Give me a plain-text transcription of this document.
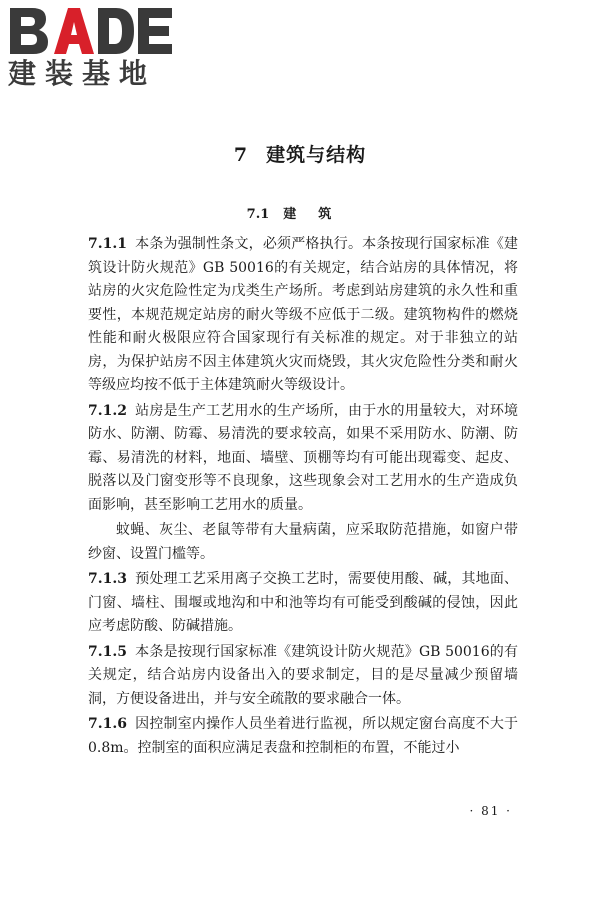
建装基地
7 建筑与结构
7.1 建筑

7.1.1 本条为强制性条文，必须严格执行。本条按现行国家标准《建筑设计防火规范》GB 50016的有关规定，结合站房的具体情况，将站房的火灾危险性定为戊类生产场所。考虑到站房建筑的永久性和重要性，本规范规定站房的耐火等级不应低于二级。建筑物构件的燃烧性能和耐火极限应符合国家现行有关标准的规定。对于非独立的站房，为保护站房不因主体建筑火灾而烧毁，其火灾危险性分类和耐火等级应均按不低于主体建筑耐火等级设计。

7.1.2 站房是生产工艺用水的生产场所，由于水的用量较大，对环境防水、防潮、防霉、易清洗的要求较高，如果不采用防水、防潮、防霉、易清洗的材料，地面、墙壁、顶棚等均有可能出现霉变、起皮、脱落以及门窗变形等不良现象，这些现象会对工艺用水的生产造成负面影响，甚至影响工艺用水的质量。

蚊蝇、灰尘、老鼠等带有大量病菌，应采取防范措施，如窗户带纱窗、设置门槛等。

7.1.3 预处理工艺采用离子交换工艺时，需要使用酸、碱，其地面、门窗、墙柱、围堰或地沟和中和池等均有可能受到酸碱的侵蚀，因此应考虑防酸、防碱措施。

7.1.5 本条是按现行国家标准《建筑设计防火规范》GB 50016的有关规定，结合站房内设备出入的要求制定，目的是尽量减少预留墙洞，方便设备进出，并与安全疏散的要求融合一体。

7.1.6 因控制室内操作人员坐着进行监视，所以规定窗台高度不大于0.8m。控制室的面积应满足表盘和控制柜的布置，不能过小

· 81 ·
